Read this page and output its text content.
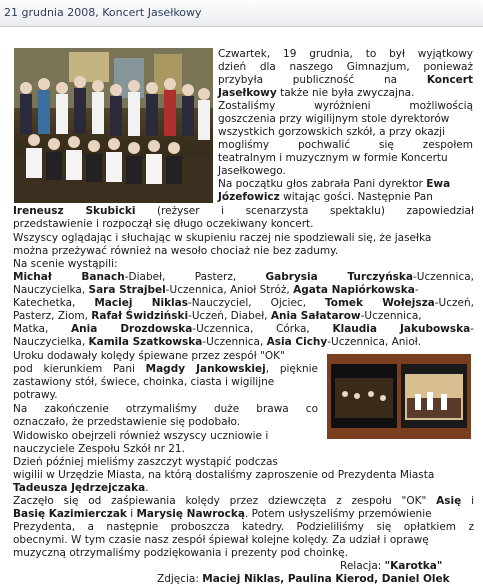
21 grudnia 2008, Koncert Jasełkowy
Czwartek, 19 grudnia, to był wyjątkowy
dzień dla naszego Gimnazjum, ponieważ
przybyła publiczność na Koncert
Jasełkowy także nie była zwyczajna.
Zostaliśmy wyróżnieni możliwością
goszczenia przy wigilijnym stole dyrektorów
wszystkich gorzowskich szkół, a przy okazji
mogliśmy pochwalić się zespołem
teatralnym i muzycznym w formie Koncertu
Jasełkowego.
Na początku głos zabrała Pani dyrektor Ewa
Józefowicz witając gości. Następnie Pan
Ireneusz Skubicki (reżyser i scenarzysta spektaklu) zapowiedział
przedstawienie i rozpoczął się długo oczekiwany koncert.
Wszyscy oglądając i słuchając w skupieniu raczej nie spodziewali się, że jasełka
można przeżywać również na wesoło chociaż nie bez zadumy.
Na scenie wystąpili:
Michał Banach-Diabeł, Pasterz, Gabrysia Turczyńska-Uczennica,
Nauczycielka, Sara Strajbel-Uczennica, Anioł Stróż, Agata Napiórkowska-
Katechetka, Maciej Niklas-Nauczyciel, Ojciec, Tomek Wołejsza-Uczeń,
Pasterz, Ziom, Rafał Świdziński-Uczeń, Diabeł, Ania Sałatarow-Uczennica,
Matka, Ania Drozdowska-Uczennica, Córka, Klaudia Jakubowska-
Nauczycielka, Kamila Szatkowska-Uczennica, Asia Cichy-Uczennica, Anioł.
Uroku dodawały kolędy śpiewane przez zespół "OK"
pod kierunkiem Pani Magdy Jankowskiej, pięknie
zastawiony stół, świece, choinka, ciasta i wigilijne
potrawy.
Na zakończenie otrzymaliśmy duże brawa co
oznaczało, że przedstawienie się podobało.
Widowisko obejrzeli również wszyscy uczniowie i
nauczyciele Zespołu Szkół nr 21.
Dzień później mieliśmy zaszczyt wystąpić podczas
wigilii w Urzędzie Miasta, na którą dostaliśmy zaproszenie od Prezydenta Miasta
Tadeusza Jędrzejczaka.
Zaczęło się od zaśpiewania kolędy przez dziewczęta z zespołu "OK" Asię i
Basię Kazimierczak i Marysię Nawrocką. Potem usłyszeliśmy przemówienie
Prezydenta, a następnie proboszcza katedry. Podzieliliśmy się opłatkiem z
obecnymi. W tym czasie nasz zespół śpiewał kolejne kolędy. Za udział i oprawę
muzyczną otrzymaliśmy podziękowania i prezenty pod choinkę.
Relacja: "Karotka"
Zdjęcia: Maciej Niklas, Paulina Kierod, Daniel Olek
